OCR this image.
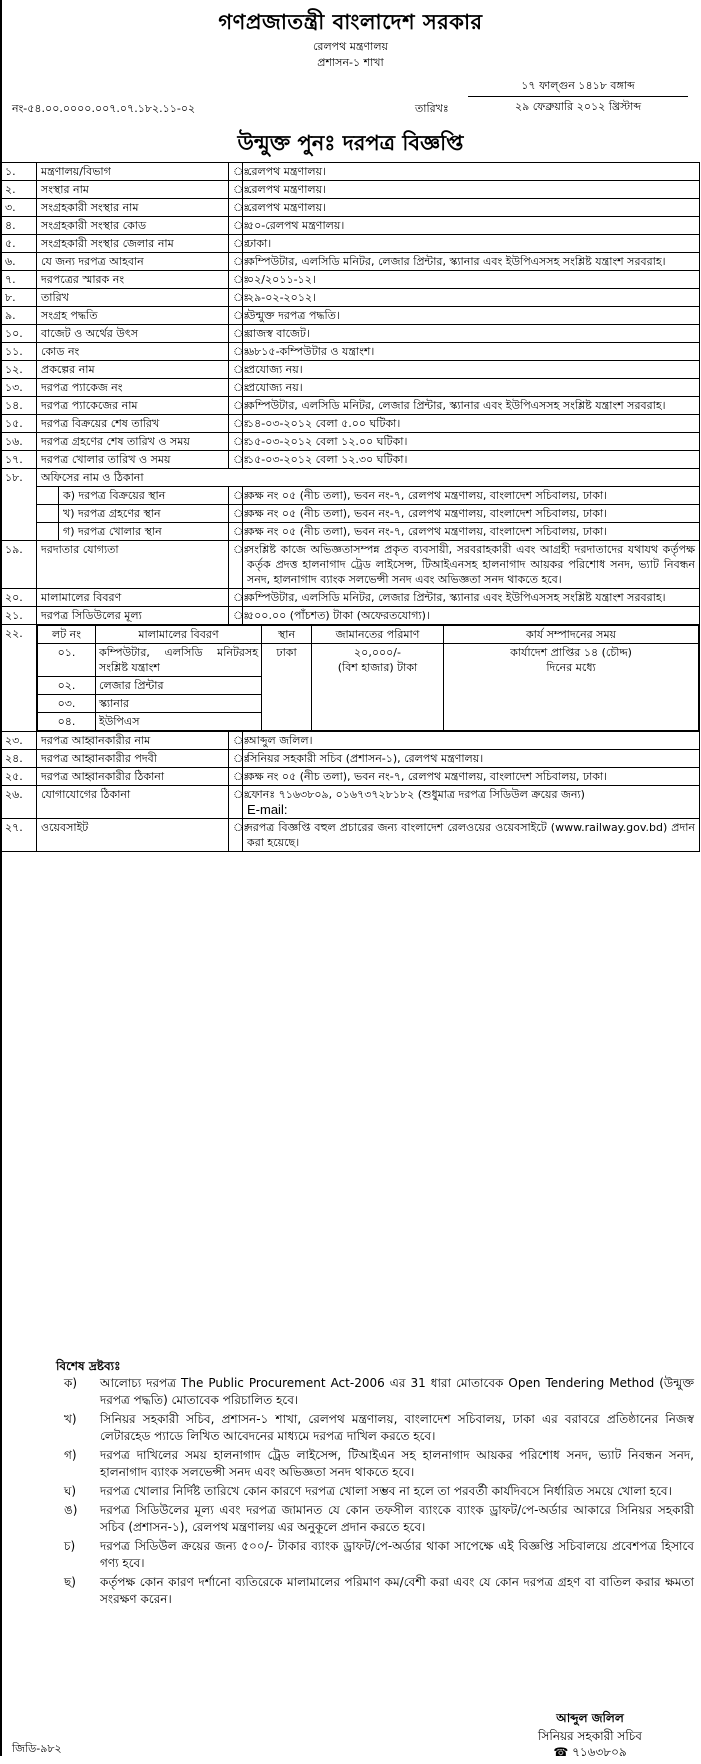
গণপ্রজাতন্ত্রী বাংলাদেশ সরকার
রেলপথ মন্ত্রণালয়
প্রশাসন-১ শাখা
নং-৫৪.০০.০০০০.০০৭.০৭.১৮২.১১-০২	তারিখঃ
১৭ ফাল্গুন ১৪১৮ বঙ্গাব্দ
২৯ ফেব্রুয়ারি ২০১২ খ্রিস্টাব্দ
উন্মুক্ত পুনঃ দরপত্র বিজ্ঞপ্তি
১.	মন্ত্রণালয়/বিভাগ	ঃ	রেলপথ মন্ত্রণালয়।
২.	সংস্থার নাম	ঃ	রেলপথ মন্ত্রণালয়।
৩.	সংগ্রহকারী সংস্থার নাম	ঃ	রেলপথ মন্ত্রণালয়।
৪.	সংগ্রহকারী সংস্থার কোড	ঃ	৫০-রেলপথ মন্ত্রণালয়।
৫.	সংগ্রহকারী সংস্থার জেলার নাম	ঃ	ঢাকা।
৬.	যে জন্য দরপত্র আহবান	ঃ	কম্পিউটার, এলসিডি মনিটর, লেজার প্রিন্টার, স্ক্যানার এবং ইউপিএসসহ সংশ্লিষ্ট যন্ত্রাংশ সরবরাহ।
৭.	দরপত্রের স্মারক নং	ঃ	০২/২০১১-১২।
৮.	তারিখ	ঃ	২৯-০২-২০১২।
৯.	সংগ্রহ পদ্ধতি	ঃ	উন্মুক্ত দরপত্র পদ্ধতি।
১০.	বাজেট ও অর্থের উৎস	ঃ	রাজস্ব বাজেট।
১১.	কোড নং	ঃ	৬৮১৫-কম্পিউটার ও যন্ত্রাংশ।
১২.	প্রকল্পের নাম	ঃ	প্রযোজ্য নয়।
১৩.	দরপত্র প্যাকেজ নং	ঃ	প্রযোজ্য নয়।
১৪.	দরপত্র প্যাকেজের নাম	ঃ	কম্পিউটার, এলসিডি মনিটর, লেজার প্রিন্টার, স্ক্যানার এবং ইউপিএসসহ সংশ্লিষ্ট যন্ত্রাংশ সরবরাহ।
১৫.	দরপত্র বিক্রয়ের শেষ তারিখ	ঃ	১৪-০৩-২০১২ বেলা ৫.০০ ঘটিকা।
১৬.	দরপত্র গ্রহণের শেষ তারিখ ও সময়	ঃ	১৫-০৩-২০১২ বেলা ১২.০০ ঘটিকা।
১৭.	দরপত্র খোলার তারিখ ও সময়	ঃ	১৫-০৩-২০১২ বেলা ১২.৩০ ঘটিকা।
১৮.	অফিসের নাম ও ঠিকানা
	ক) দরপত্র বিক্রয়ের স্থান	ঃ	কক্ষ নং ০৫ (নীচ তলা), ভবন নং-৭, রেলপথ মন্ত্রণালয়, বাংলাদেশ সচিবালয়, ঢাকা।
	খ) দরপত্র গ্রহণের স্থান	ঃ	কক্ষ নং ০৫ (নীচ তলা), ভবন নং-৭, রেলপথ মন্ত্রণালয়, বাংলাদেশ সচিবালয়, ঢাকা।
	গ) দরপত্র খোলার স্থান	ঃ	কক্ষ নং ০৫ (নীচ তলা), ভবন নং-৭, রেলপথ মন্ত্রণালয়, বাংলাদেশ সচিবালয়, ঢাকা।
১৯.	দরদাতার যোগ্যতা	ঃ	সংশ্লিষ্ট কাজে অভিজ্ঞতাসম্পন্ন প্রকৃত ব্যবসায়ী, সরবরাহকারী এবং আগ্রহী দরদাতাদের যথাযথ কর্তৃপক্ষ কর্তৃক প্রদত্ত হালনাগাদ ট্রেড লাইসেন্স, টিআইএনসহ হালনাগাদ আয়কর পরিশোধ সনদ, ভ্যাট নিবন্ধন সনদ, হালনাগাদ ব্যাংক সলভেন্সী সনদ এবং অভিজ্ঞতা সনদ থাকতে হবে।
২০.	মালামালের বিবরণ	ঃ	কম্পিউটার, এলসিডি মনিটর, লেজার প্রিন্টার, স্ক্যানার এবং ইউপিএসসহ সংশ্লিষ্ট যন্ত্রাংশ সরবরাহ।
২১.	দরপত্র সিডিউলের মূল্য	ঃ	৫০০.০০ (পাঁচশত) টাকা (অফেরতযোগ্য)।
২২.		লট নং	মালামালের বিবরণ	স্থান	জামানতের পরিমাণ	কার্য সম্পাদনের সময়
০১.	কম্পিউটার, এলসিডি মনিটরসহ সংশ্লিষ্ট যন্ত্রাংশ	ঢাকা	২০,০০০/-
(বিশ হাজার) টাকা

কার্যাদেশ প্রাপ্তির ১৪ (চৌদ্দ)
দিনের মধ্যে

০২.	লেজার প্রিন্টার
০৩.	স্ক্যানার
০৪.	ইউপিএস

২৩.	দরপত্র আহ্বানকারীর নাম	ঃ	আব্দুল জলিল।
২৪.	দরপত্র আহ্বানকারীর পদবী	ঃ	সিনিয়র সহকারী সচিব (প্রশাসন-১), রেলপথ মন্ত্রণালয়।
২৫.	দরপত্র আহ্বানকারীর ঠিকানা	ঃ	কক্ষ নং ০৫ (নীচ তলা), ভবন নং-৭, রেলপথ মন্ত্রণালয়, বাংলাদেশ সচিবালয়, ঢাকা।
২৬.	যোগাযোগের ঠিকানা	ঃ	
ফোনঃ ৭১৬৩৮০৯, ০১৬৭৩৭২৮১৮২ (শুধুমাত্র দরপত্র সিডিউল ক্রয়ের জন্য)
E-mail:

২৭.	ওয়েবসাইট	ঃ	দরপত্র বিজ্ঞপ্তি বহুল প্রচারের জন্য বাংলাদেশ রেলওয়ের ওয়েবসাইটে (www.railway.gov.bd) প্রদান করা হয়েছে।
বিশেষ দ্রষ্টব্যঃ
ক) আলোচ্য দরপত্র The Public Procurement Act-2006 এর 31 ধারা মোতাবেক Open Tendering Method (উন্মুক্ত দরপত্র পদ্ধতি) মোতাবেক পরিচালিত হবে।
খ) সিনিয়র সহকারী সচিব, প্রশাসন-১ শাখা, রেলপথ মন্ত্রণালয়, বাংলাদেশ সচিবালয়, ঢাকা এর বরাবরে প্রতিষ্ঠানের নিজস্ব লেটারহেড প্যাডে লিখিত আবেদনের মাধ্যমে দরপত্র দাখিল করতে হবে।
গ) দরপত্র দাখিলের সময় হালনাগাদ ট্রেড লাইসেন্স, টিআইএন সহ হালনাগাদ আয়কর পরিশোধ সনদ, ভ্যাট নিবন্ধন সনদ, হালনাগাদ ব্যাংক সলভেন্সী সনদ এবং অভিজ্ঞতা সনদ থাকতে হবে।
ঘ) দরপত্র খোলার নির্দিষ্ট তারিখে কোন কারণে দরপত্র খোলা সম্ভব না হলে তা পরবর্তী কার্যদিবসে নির্ধারিত সময়ে খোলা হবে।
ঙ) দরপত্র সিডিউলের মূল্য এবং দরপত্র জামানত যে কোন তফসীল ব্যাংকে ব্যাংক ড্রাফট/পে-অর্ডার আকারে সিনিয়র সহকারী সচিব (প্রশাসন-১), রেলপথ মন্ত্রণালয় এর অনুকূলে প্রদান করতে হবে।
চ) দরপত্র সিডিউল ক্রয়ের জন্য ৫০০/- টাকার ব্যাংক ড্রাফট/পে-অর্ডার থাকা সাপেক্ষে এই বিজ্ঞপ্তি সচিবালয়ে প্রবেশপত্র হিসাবে গণ্য হবে।
ছ) কর্তৃপক্ষ কোন কারণ দর্শানো ব্যতিরেকে মালামালের পরিমাণ কম/বেশী করা এবং যে কোন দরপত্র গ্রহণ বা বাতিল করার ক্ষমতা সংরক্ষণ করেন।
আব্দুল জলিল
সিনিয়র সহকারী সচিব
☎ ৭১৬৩৮০৯
জিডি-৯৮২
